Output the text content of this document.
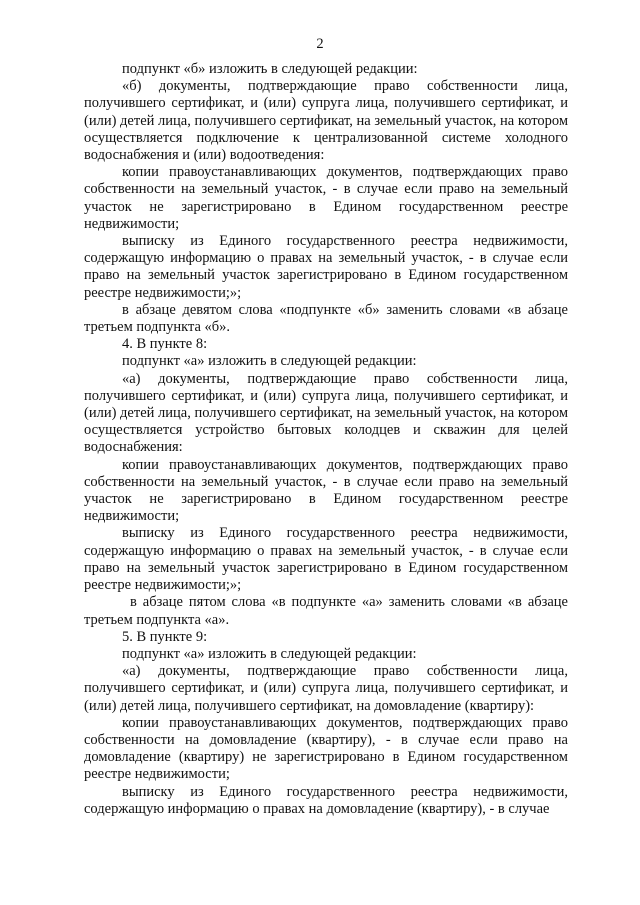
2

подпункт «б» изложить в следующей редакции:

«б) документы, подтверждающие право собственности лица, получившего сертификат, и (или) супруга лица, получившего сертификат, и (или) детей лица, получившего сертификат, на земельный участок, на котором осуществляется подключение к централизованной системе холодного водоснабжения и (или) водоотведения:

копии правоустанавливающих документов, подтверждающих право собственности на земельный участок, - в случае если право на земельный участок не зарегистрировано в Едином государственном реестре недвижимости;

выписку из Единого государственного реестра недвижимости, содержащую информацию о правах на земельный участок, - в случае если право на земельный участок зарегистрировано в Едином государственном реестре недвижимости;»;

в абзаце девятом слова «подпункте «б» заменить словами «в абзаце третьем подпункта «б».

4. В пункте 8:

подпункт «а» изложить в следующей редакции:

«а) документы, подтверждающие право собственности лица, получившего сертификат, и (или) супруга лица, получившего сертификат, и (или) детей лица, получившего сертификат, на земельный участок, на котором осуществляется устройство бытовых колодцев и скважин для целей водоснабжения:

копии правоустанавливающих документов, подтверждающих право собственности на земельный участок, - в случае если право на земельный участок не зарегистрировано в Едином государственном реестре недвижимости;

выписку из Единого государственного реестра недвижимости, содержащую информацию о правах на земельный участок, - в случае если право на земельный участок зарегистрировано в Едином государственном реестре недвижимости;»;

в абзаце пятом слова «в подпункте «а» заменить словами «в абзаце третьем подпункта «а».

5. В пункте 9:

подпункт «а» изложить в следующей редакции:

«а) документы, подтверждающие право собственности лица, получившего сертификат, и (или) супруга лица, получившего сертификат, и (или) детей лица, получившего сертификат, на домовладение (квартиру):

копии правоустанавливающих документов, подтверждающих право собственности на домовладение (квартиру), - в случае если право на домовладение (квартиру) не зарегистрировано в Едином государственном реестре недвижимости;

выписку из Единого государственного реестра недвижимости, содержащую информацию о правах на домовладение (квартиру), - в случае
